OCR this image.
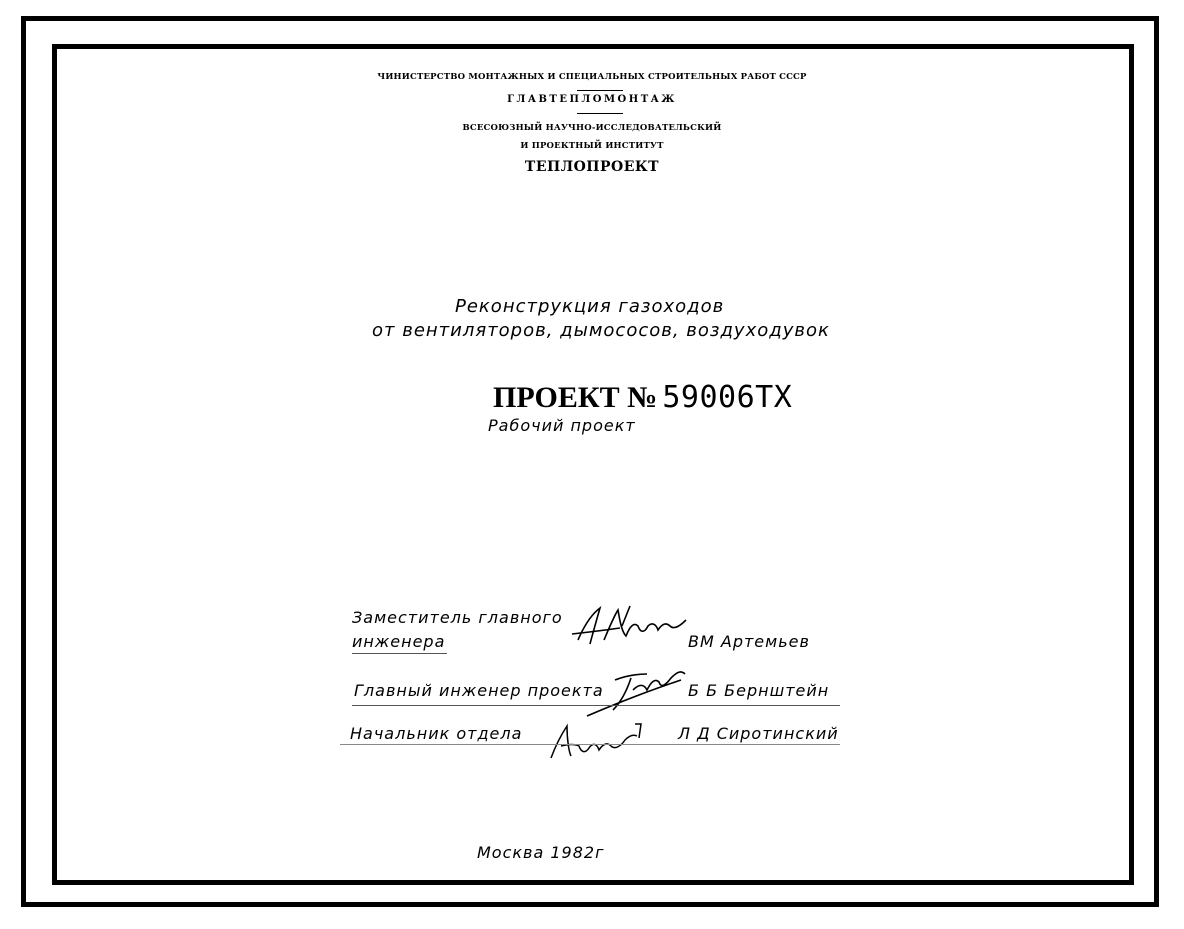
ЧИНИСТЕРСТВО МОНТАЖНЫХ И СПЕЦИАЛЬНЫХ СТРОИТЕЛЬНЫХ РАБОТ СССР
ГЛАВТЕПЛОМОНТАЖ
ВСЕСОЮЗНЫЙ НАУЧНО-ИССЛЕДОВАТЕЛЬСКИЙ
И ПРОЕКТНЫЙ ИНСТИТУТ
ТЕПЛОПРОЕКТ
Реконструкция газоходов
от вентиляторов, дымососов, воздуходувок
ПРОЕКТ № 59006ТХ
Рабочий проект
Заместитель главного
инженера	ВМ Артемьев
Главный инженер проекта	Б Б Бернштейн
Начальник отдела	Л Д Сиротинский
Москва 1982г
